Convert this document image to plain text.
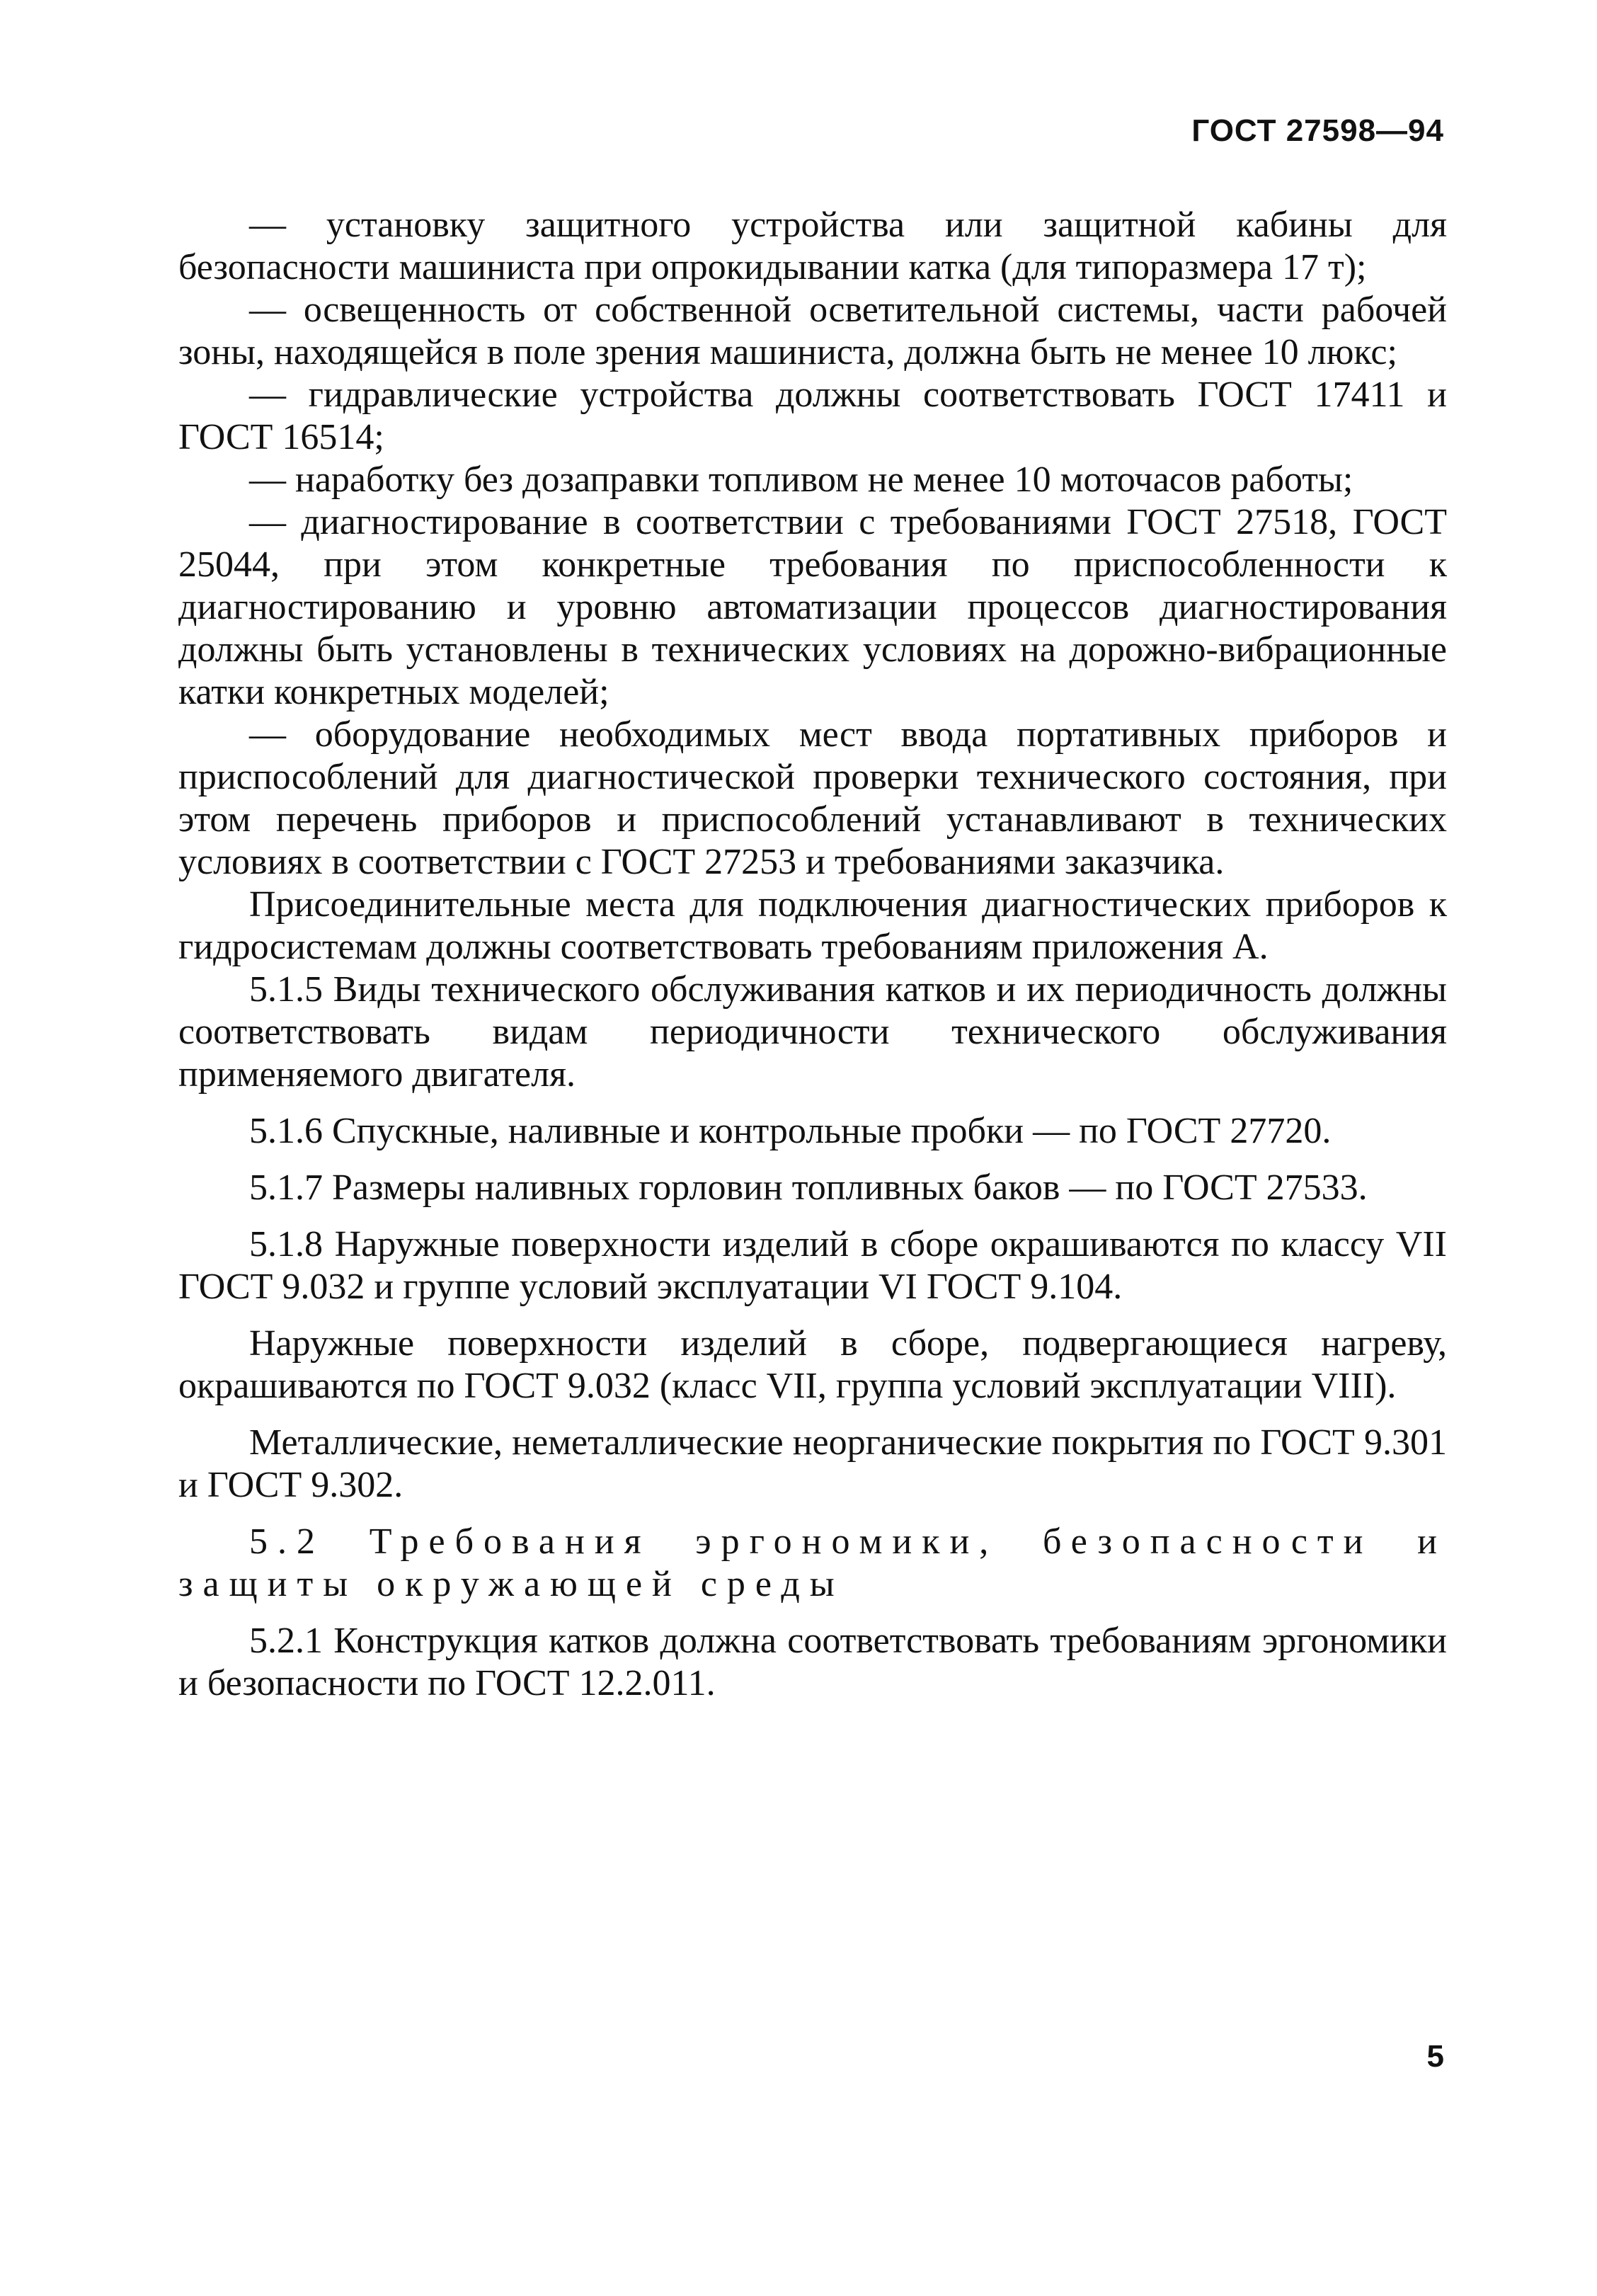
ГОСТ 27598—94

— установку защитного устройства или защитной кабины для безопасности машиниста при опрокидывании катка (для типоразмера 17 т);

— освещенность от собственной осветительной системы, части рабочей зоны, находящейся в поле зрения машиниста, должна быть не менее 10 люкс;

— гидравлические устройства должны соответствовать ГОСТ 17411 и ГОСТ 16514;

— наработку без дозаправки топливом не менее 10 моточасов работы;

— диагностирование в соответствии с требованиями ГОСТ 27518, ГОСТ 25044, при этом конкретные требования по приспособленности к диагностированию и уровню автоматизации процессов диагностирования должны быть установлены в технических условиях на дорожно-вибрационные катки конкретных моделей;

— оборудование необходимых мест ввода портативных приборов и приспособлений для диагностической проверки технического состояния, при этом перечень приборов и приспособлений устанавливают в технических условиях в соответствии с ГОСТ 27253 и требованиями заказчика.

Присоединительные места для подключения диагностических приборов к гидросистемам должны соответствовать требованиям приложения А.

5.1.5 Виды технического обслуживания катков и их периодичность должны соответствовать видам периодичности технического обслуживания применяемого двигателя.

5.1.6 Спускные, наливные и контрольные пробки — по ГОСТ 27720.

5.1.7 Размеры наливных горловин топливных баков — по ГОСТ 27533.

5.1.8 Наружные поверхности изделий в сборе окрашиваются по классу VII ГОСТ 9.032 и группе условий эксплуатации VI ГОСТ 9.104.

Наружные поверхности изделий в сборе, подвергающиеся нагреву, окрашиваются по ГОСТ 9.032 (класс VII, группа условий эксплуатации VIII).

Металлические, неметаллические неорганические покрытия по ГОСТ 9.301 и ГОСТ 9.302.

5.2 Требования эргономики, безопасности и защиты окружающей среды

5.2.1 Конструкция катков должна соответствовать требованиям эргономики и безопасности по ГОСТ 12.2.011.

5
